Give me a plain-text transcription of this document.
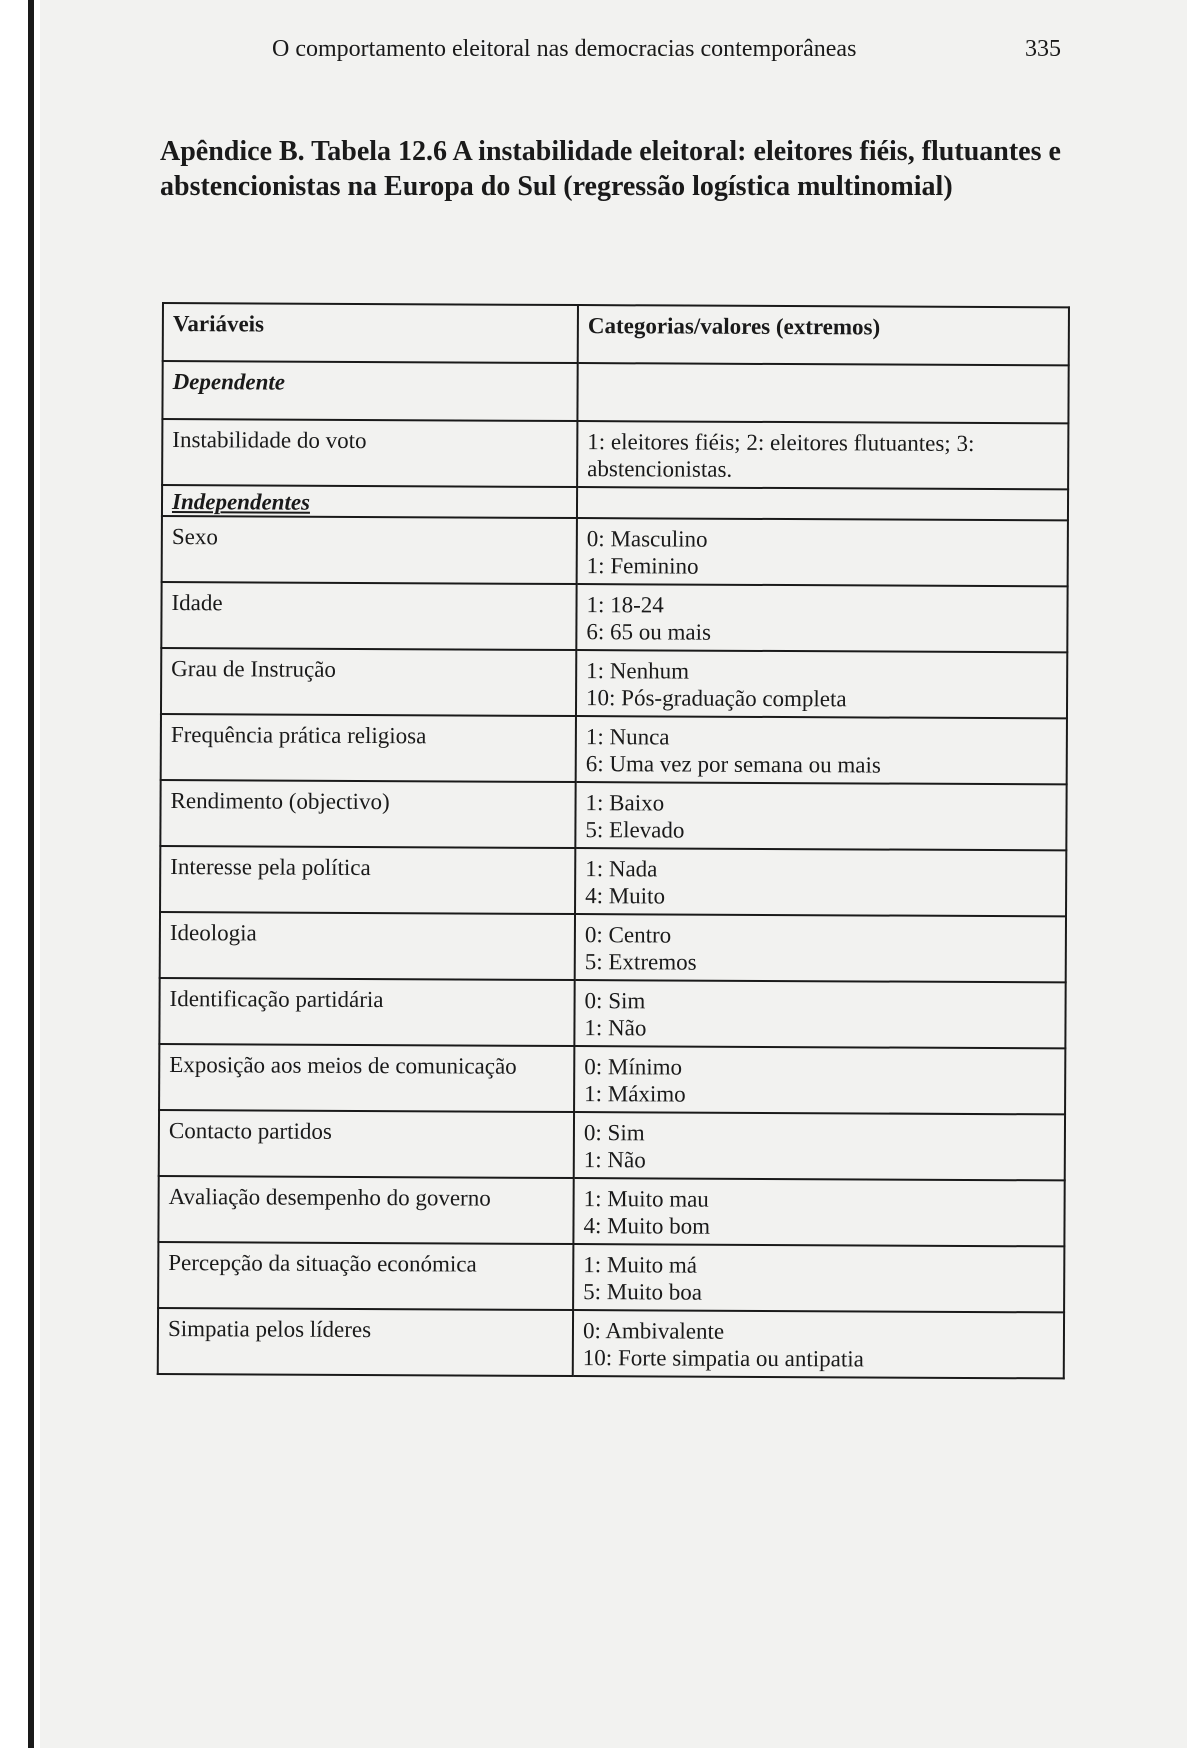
O comportamento eleitoral nas democracias contemporâneas	335
Apêndice B. Tabela 12.6 A instabilidade eleitoral: eleitores fiéis, flutuantes e abstencionistas na Europa do Sul (regressão logística multinomial)
Variáveis	Categorias/valores (extremos)
Dependente	
Instabilidade do voto	1: eleitores fiéis; 2: eleitores flutuantes; 3: abstencionistas.
Independentes	
Sexo	0: Masculino
1: Feminino

Idade	1: 18-24
6: 65 ou mais

Grau de Instrução	1: Nenhum
10: Pós-graduação completa

Frequência prática religiosa	1: Nunca
6: Uma vez por semana ou mais

Rendimento (objectivo)	1: Baixo
5: Elevado

Interesse pela política	1: Nada
4: Muito

Ideologia	0: Centro
5: Extremos

Identificação partidária	0: Sim
1: Não

Exposição aos meios de comunicação	0: Mínimo
1: Máximo

Contacto partidos	0: Sim
1: Não

Avaliação desempenho do governo	1: Muito mau
4: Muito bom

Percepção da situação económica	1: Muito má
5: Muito boa

Simpatia pelos líderes	0: Ambivalente
10: Forte simpatia ou antipatia
